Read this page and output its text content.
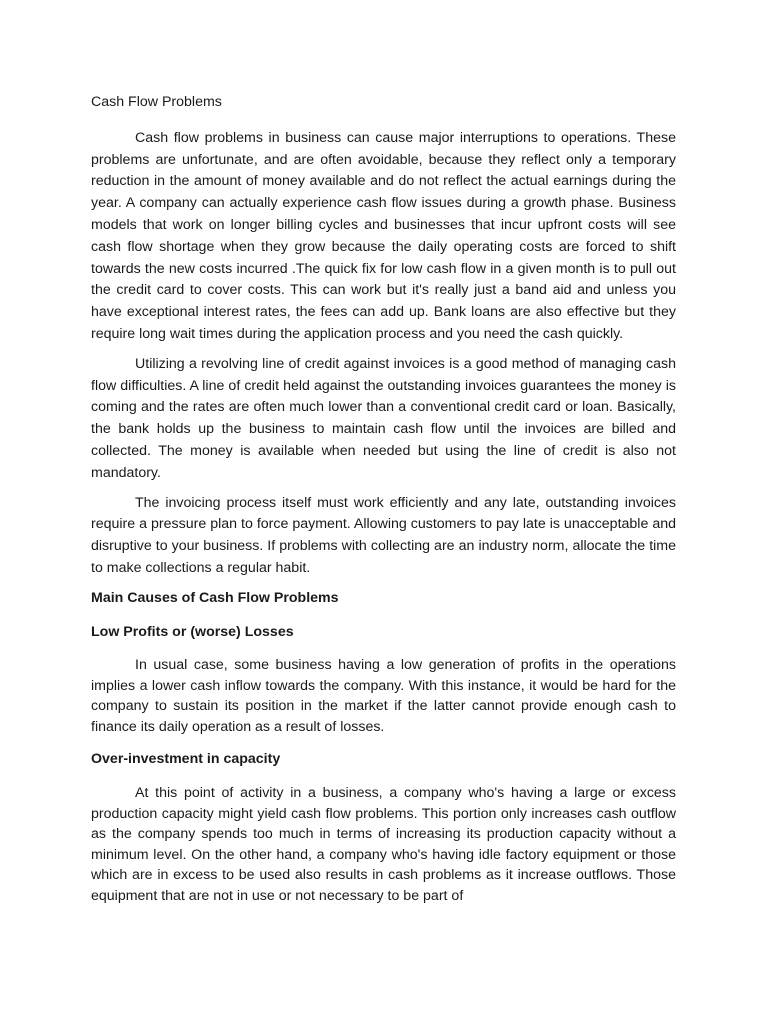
Cash Flow Problems

Cash flow problems in business can cause major interruptions to operations. These problems are unfortunate, and are often avoidable, because they reflect only a temporary reduction in the amount of money available and do not reflect the actual earnings during the year. A company can actually experience cash flow issues during a growth phase. Business models that work on longer billing cycles and businesses that incur upfront costs will see cash flow shortage when they grow because the daily operating costs are forced to shift towards the new costs incurred .The quick fix for low cash flow in a given month is to pull out the credit card to cover costs. This can work but it's really just a band aid and unless you have exceptional interest rates, the fees can add up. Bank loans are also effective but they require long wait times during the application process and you need the cash quickly.

Utilizing a revolving line of credit against invoices is a good method of managing cash flow difficulties. A line of credit held against the outstanding invoices guarantees the money is coming and the rates are often much lower than a conventional credit card or loan. Basically, the bank holds up the business to maintain cash flow until the invoices are billed and collected. The money is available when needed but using the line of credit is also not mandatory.

The invoicing process itself must work efficiently and any late, outstanding invoices require a pressure plan to force payment. Allowing customers to pay late is unacceptable and disruptive to your business. If problems with collecting are an industry norm, allocate the time to make collections a regular habit.

Main Causes of Cash Flow Problems

Low Profits or (worse) Losses

In usual case, some business having a low generation of profits in the operations implies a lower cash inflow towards the company. With this instance, it would be hard for the company to sustain its position in the market if the latter cannot provide enough cash to finance its daily operation as a result of losses.

Over-investment in capacity

At this point of activity in a business, a company who's having a large or excess production capacity might yield cash flow problems. This portion only increases cash outflow as the company spends too much in terms of increasing its production capacity without a minimum level. On the other hand, a company who's having idle factory equipment or those which are in excess to be used also results in cash problems as it increase outflows. Those equipment that are not in use or not necessary to be part of
